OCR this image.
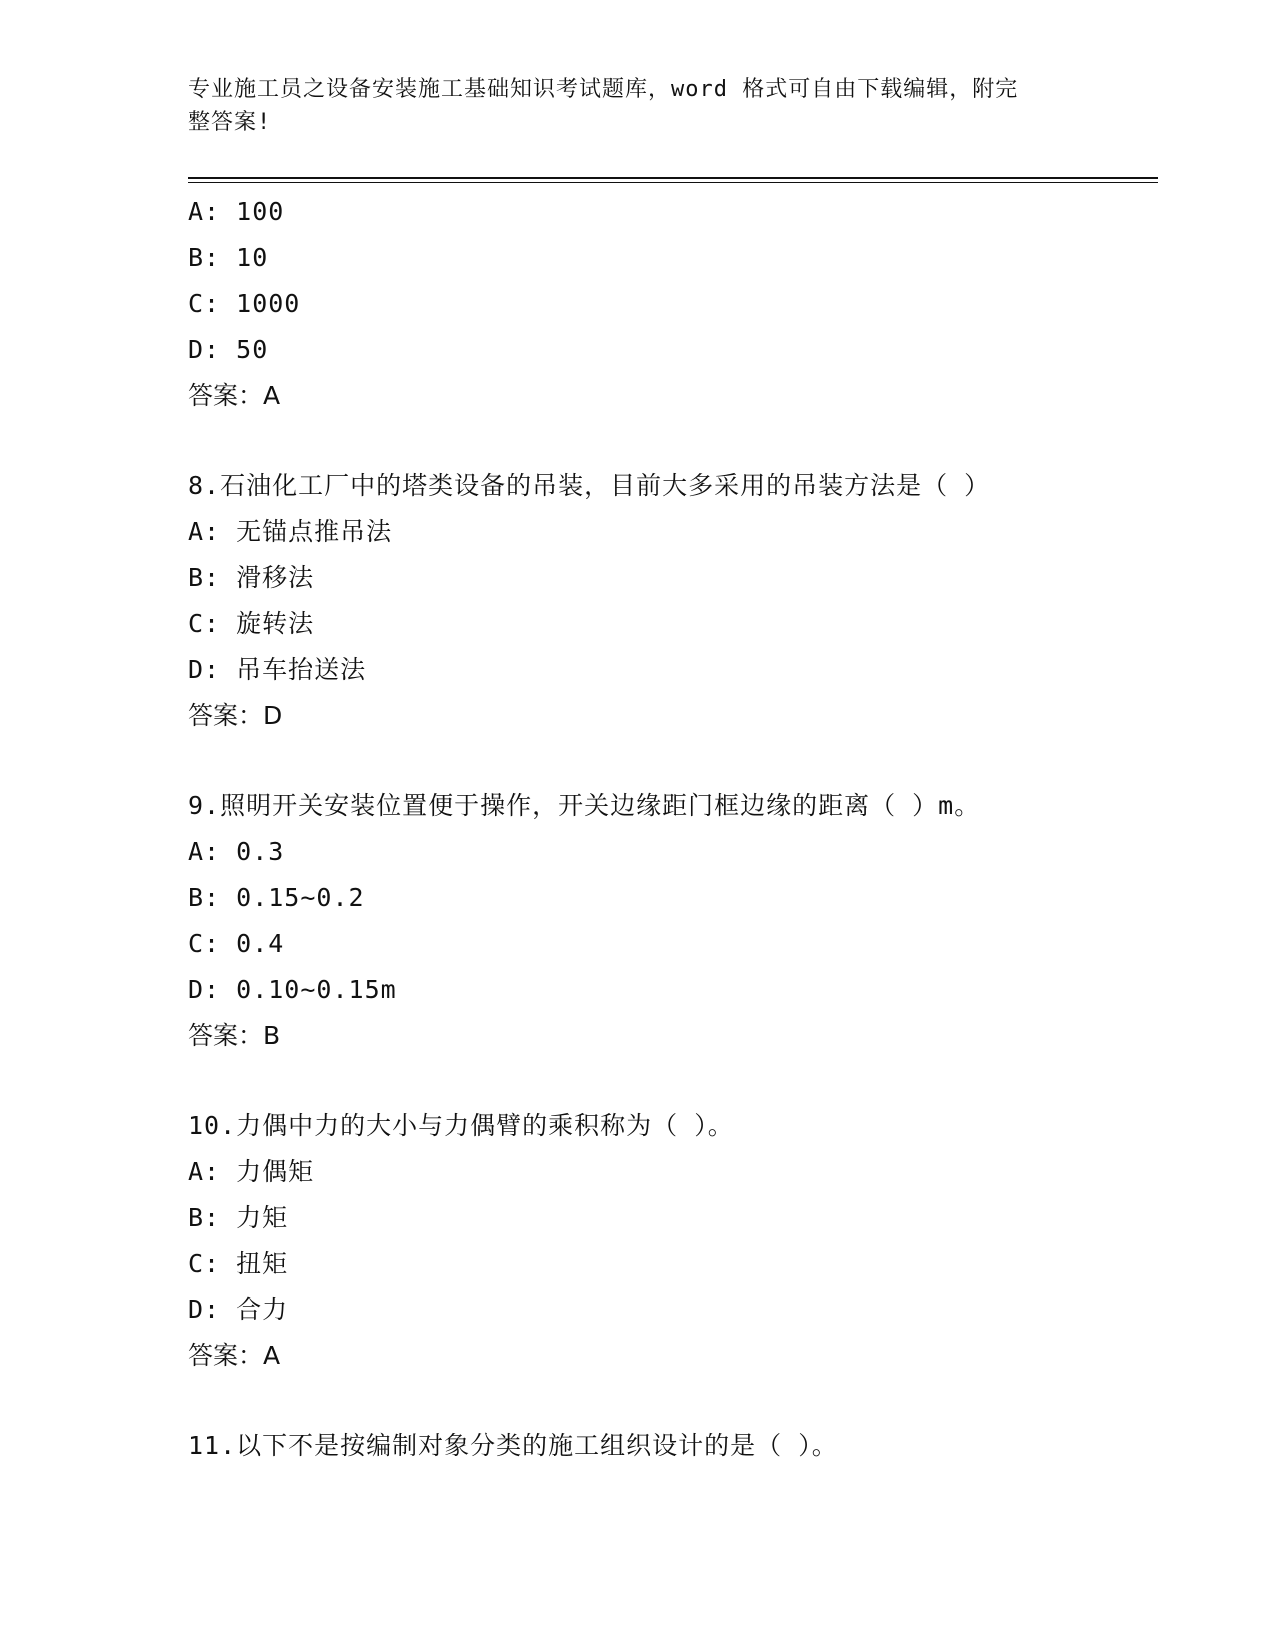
专业施工员之设备安装施工基础知识考试题库，word 格式可自由下载编辑，附完
整答案!
A: 100
B: 10
C: 1000
D: 50
答案：A
8.石油化工厂中的塔类设备的吊装，目前大多采用的吊装方法是（ ）
A: 无锚点推吊法
B: 滑移法
C: 旋转法
D: 吊车抬送法
答案：D
9.照明开关安装位置便于操作，开关边缘距门框边缘的距离（ ）m。
A: 0.3
B: 0.15~0.2
C: 0.4
D: 0.10~0.15m
答案：B
10.力偶中力的大小与力偶臂的乘积称为（ ）。
A: 力偶矩
B: 力矩
C: 扭矩
D: 合力
答案：A
11.以下不是按编制对象分类的施工组织设计的是（ ）。
